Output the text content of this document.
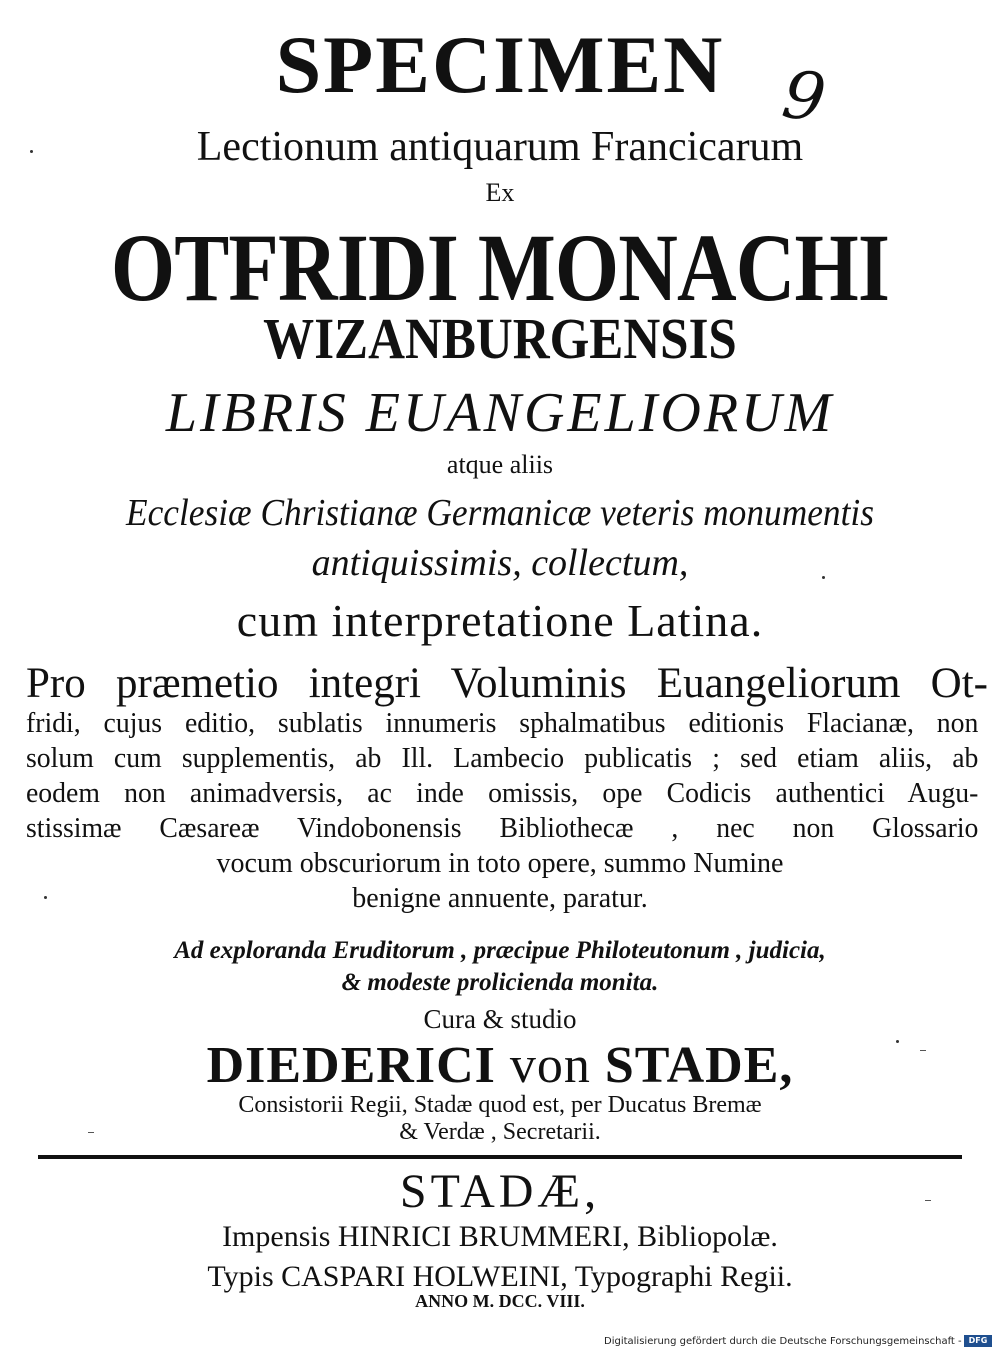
SPECIMEN 9
Lectionum antiquarum Francicarum
Ex
OTFRIDI MONACHI
WIZANBURGENSIS
LIBRIS EUANGELIORUM
atque aliis
Ecclesiæ Christianæ Germanicæ veteris monumentis
antiquissimis, collectum,
cum interpretatione Latina.
Pro præmetio integri Voluminis Euangeliorum Ot-
fridi, cujus editio, sublatis innumeris sphalmatibus editionis Flacianæ, non
solum cum supplementis, ab Ill. Lambecio publicatis ; sed etiam aliis, ab
eodem non animadversis, ac inde omissis, ope Codicis authentici Augu-
stissimæ Cæsareæ Vindobonensis Bibliothecæ , nec non Glossario
vocum obscuriorum in toto opere, summo Numine
benigne annuente, paratur.
Ad exploranda Eruditorum , præcipue Philoteutonum , judicia,
& modeste prolicienda monita.
Cura & studio
DIEDERICI von STADE,
Consistorii Regii, Stadæ quod est, per Ducatus Bremæ
& Verdæ , Secretarii.
STADÆ,
Impensis HINRICI BRUMMERI, Bibliopolæ.
Typis CASPARI HOLWEINI, Typographi Regii.
ANNO M. DCC. VIII.
Digitalisierung gefördert durch die Deutsche Forschungsgemeinschaft - DFG
